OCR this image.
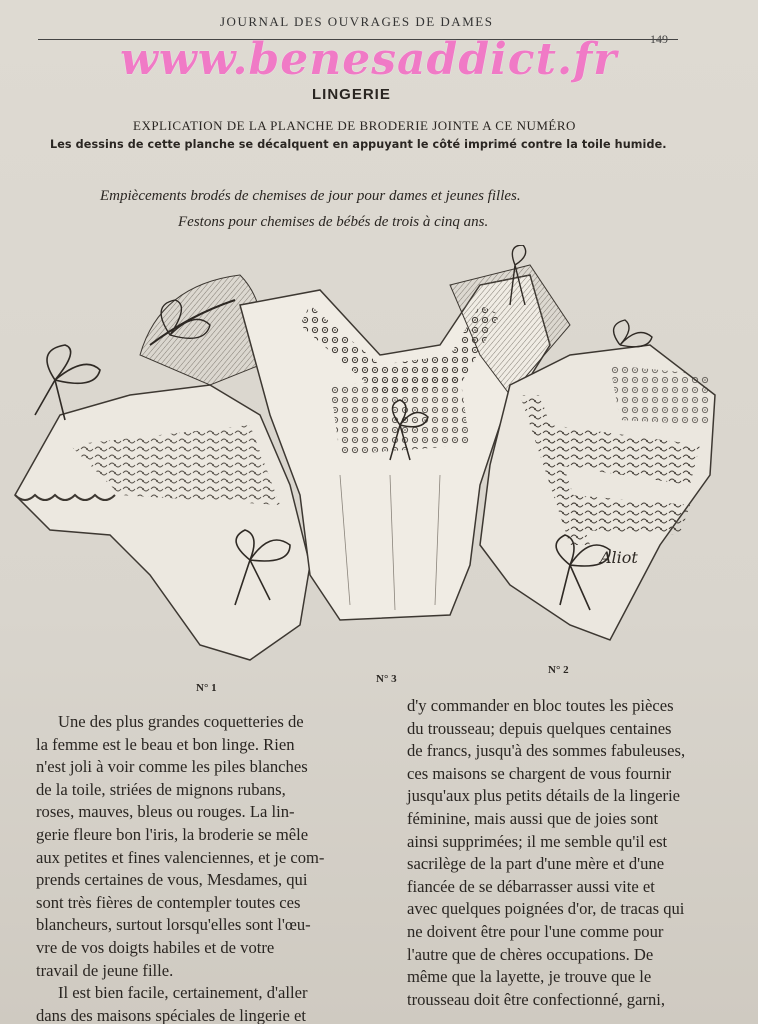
JOURNAL DES OUVRAGES DE DAMES
149
www.benesaddict.fr
LINGERIE
EXPLICATION DE LA PLANCHE DE BRODERIE JOINTE A CE NUMÉRO
Les dessins de cette planche se décalquent en appuyant le côté imprimé contre la toile humide.
Empiècements brodés de chemises de jour pour dames et jeunes filles.
Festons pour chemises de bébés de trois à cinq ans.
Aliot
N° 1
N° 3
N° 2

Une des plus grandes coquetteries de

la femme est le beau et bon linge. Rien

n'est joli à voir comme les piles blanches

de la toile, striées de mignons rubans,

roses, mauves, bleus ou rouges. La lin-

gerie fleure bon l'iris, la broderie se mêle

aux petites et fines valenciennes, et je com-

prends certaines de vous, Mesdames, qui

sont très fières de contempler toutes ces

blancheurs, surtout lorsqu'elles sont l'œu-

vre de vos doigts habiles et de votre

travail de jeune fille.

Il est bien facile, certainement, d'aller

dans des maisons spéciales de lingerie et

d'y commander en bloc toutes les pièces

du trousseau; depuis quelques centaines

de francs, jusqu'à des sommes fabuleuses,

ces maisons se chargent de vous fournir

jusqu'aux plus petits détails de la lingerie

féminine, mais aussi que de joies sont

ainsi supprimées; il me semble qu'il est

sacrilège de la part d'une mère et d'une

fiancée de se débarrasser aussi vite et

avec quelques poignées d'or, de tracas qui

ne doivent être pour l'une comme pour

l'autre que de chères occupations. De

même que la layette, je trouve que le

trousseau doit être confectionné, garni,
